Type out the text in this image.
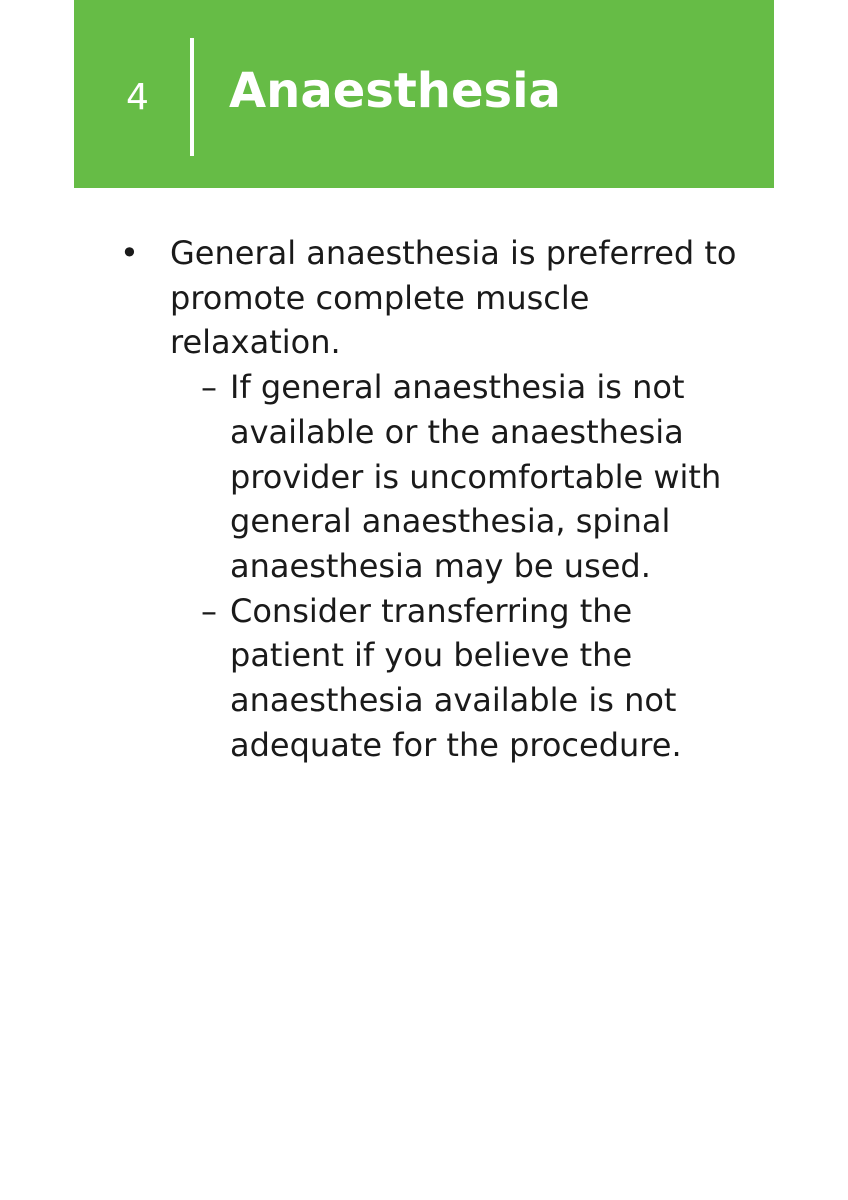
4 Anaesthesia
• General anaesthesia is preferred to promote complete muscle relaxation.
– If general anaesthesia is not available or the anaesthesia provider is uncomfortable with general anaesthesia, spinal anaesthesia may be used.
– Consider transferring the patient if you believe the anaesthesia available is not adequate for the procedure.
